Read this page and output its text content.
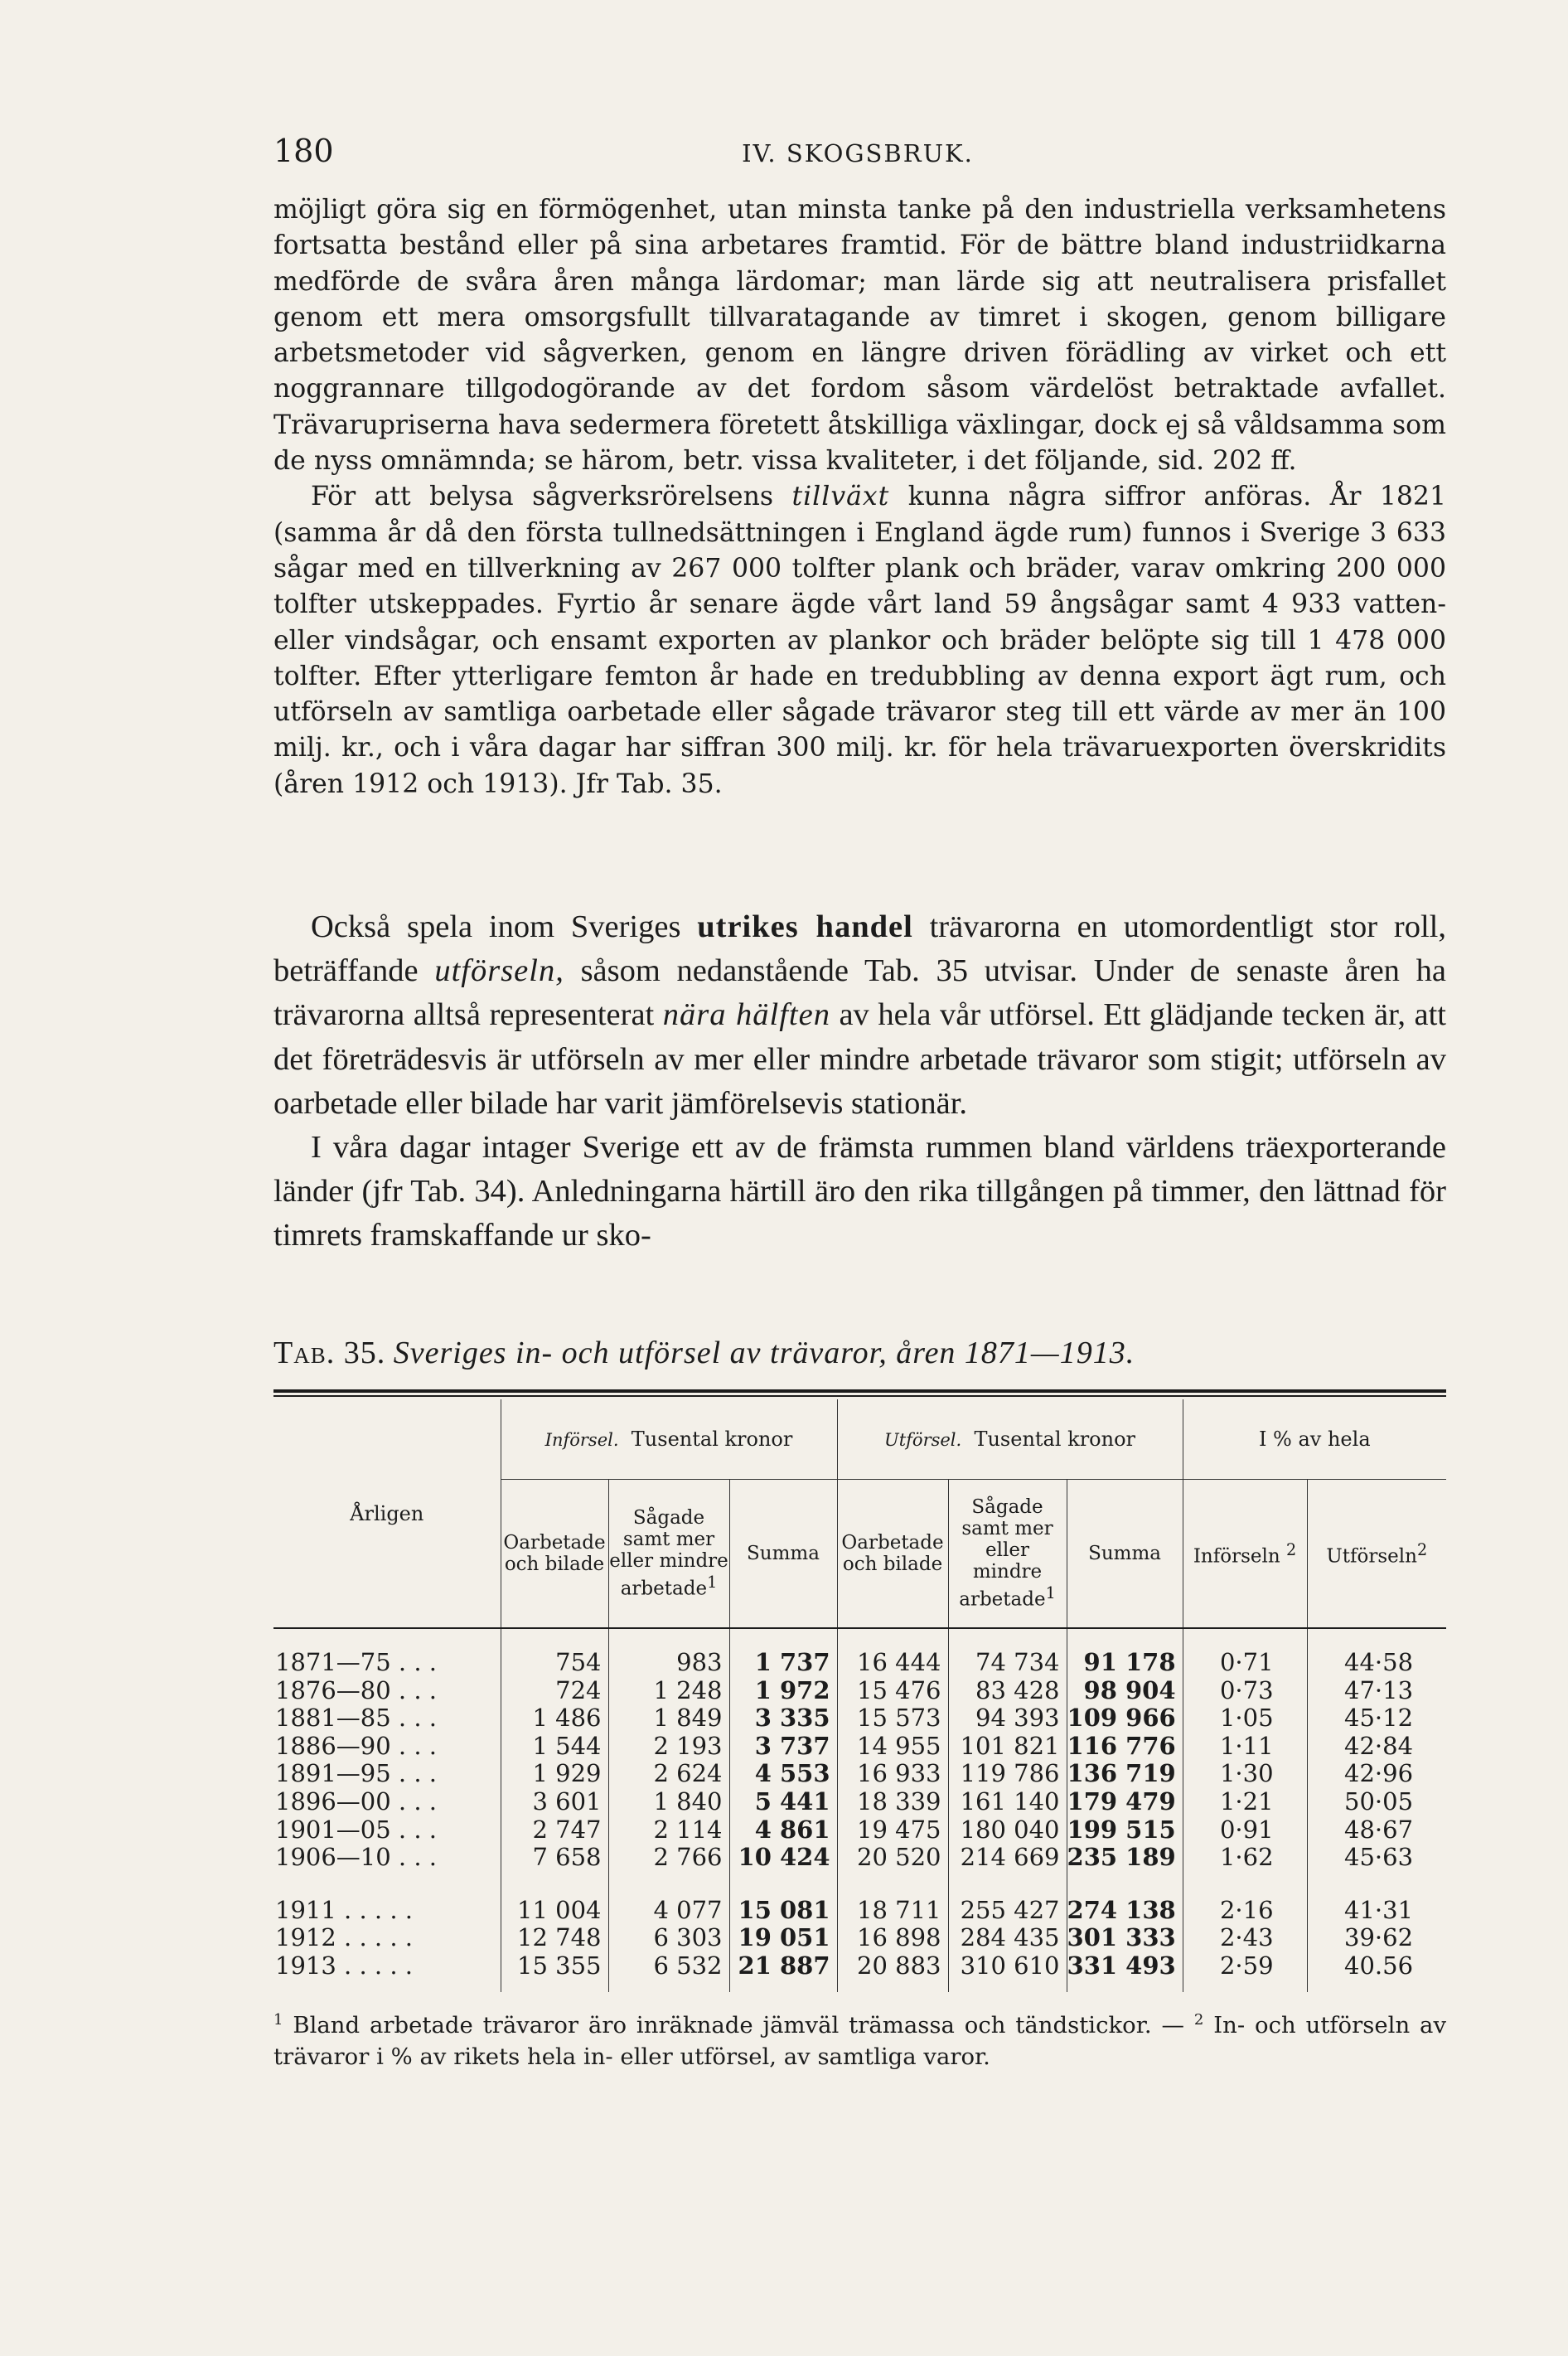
180	IV. SKOGSBRUK.

möjligt göra sig en förmögenhet, utan minsta tanke på den industriella verksamhetens fortsatta bestånd eller på sina arbetares framtid. För de bättre bland industriidkarna medförde de svåra åren många lärdomar; man lärde sig att neutralisera prisfallet genom ett mera omsorgsfullt tillvaratagande av timret i skogen, genom billigare arbetsmetoder vid sågverken, genom en längre driven förädling av virket och ett noggrannare tillgodogörande av det fordom såsom värdelöst betraktade avfallet. Trävarupriserna hava sedermera företett åtskilliga växlingar, dock ej så våldsamma som de nyss omnämnda; se härom, betr. vissa kvaliteter, i det följande, sid. 202 ff.

För att belysa sågverksrörelsens tillväxt kunna några siffror anföras. År 1821 (samma år då den första tullnedsättningen i England ägde rum) funnos i Sverige 3 633 sågar med en tillverkning av 267 000 tolfter plank och bräder, varav omkring 200 000 tolfter utskeppades. Fyrtio år senare ägde vårt land 59 ångsågar samt 4 933 vatten- eller vindsågar, och ensamt exporten av plankor och bräder belöpte sig till 1 478 000 tolfter. Efter ytterligare femton år hade en tredubbling av denna export ägt rum, och utförseln av samtliga oarbetade eller sågade trävaror steg till ett värde av mer än 100 milj. kr., och i våra dagar har siffran 300 milj. kr. för hela trävaruexporten överskridits (åren 1912 och 1913). Jfr Tab. 35.

Också spela inom Sveriges utrikes handel trävarorna en utomordentligt stor roll, beträffande utförseln, såsom nedanstående Tab. 35 utvisar. Under de senaste åren ha trävarorna alltså representerat nära hälften av hela vår utförsel. Ett glädjande tecken är, att det företrädesvis är utförseln av mer eller mindre arbetade trävaror som stigit; utförseln av oarbetade eller bilade har varit jämförelsevis stationär.

I våra dagar intager Sverige ett av de främsta rummen bland världens träexporterande länder (jfr Tab. 34). Anledningarna härtill äro den rika tillgången på timmer, den lättnad för timrets framskaffande ur sko-

Tab. 35. Sveriges in- och utförsel av trävaror, åren 1871—1913.
Årligen	Införsel. Tusental kronor			Utförsel. Tusental kronor			I % av hela	
	Oarbetade och bilade	Sågade samt mer eller mindre arbetade$^1$	Summa	Oarbetade och bilade	Sågade samt mer eller mindre arbetade$^1$	Summa	Införseln $^2$	Utförseln$^2$

1871—75 . . .	754	983	1 737	16 444	74 734	91 178	0·71	44·58
1876—80 . . .	724	1 248	1 972	15 476	83 428	98 904	0·73	47·13
1881—85 . . .	1 486	1 849	3 335	15 573	94 393	109 966	1·05	45·12
1886—90 . . .	1 544	2 193	3 737	14 955	101 821	116 776	1·11	42·84
1891—95 . . .	1 929	2 624	4 553	16 933	119 786	136 719	1·30	42·96
1896—00 . . .	3 601	1 840	5 441	18 339	161 140	179 479	1·21	50·05
1901—05 . . .	2 747	2 114	4 861	19 475	180 040	199 515	0·91	48·67
1906—10 . . .	7 658	2 766	10 424	20 520	214 669	235 189	1·62	45·63

1911 . . . . .	11 004	4 077	15 081	18 711	255 427	274 138	2·16	41·31
1912 . . . . .	12 748	6 303	19 051	16 898	284 435	301 333	2·43	39·62
1913 . . . . .	15 355	6 532	21 887	20 883	310 610	331 493	2·59	40.56
$^1$ Bland arbetade trävaror äro inräknade jämväl trämassa och tändstickor. — $^2$ In- och utförseln av trävaror i % av rikets hela in- eller utförsel, av samtliga varor.
